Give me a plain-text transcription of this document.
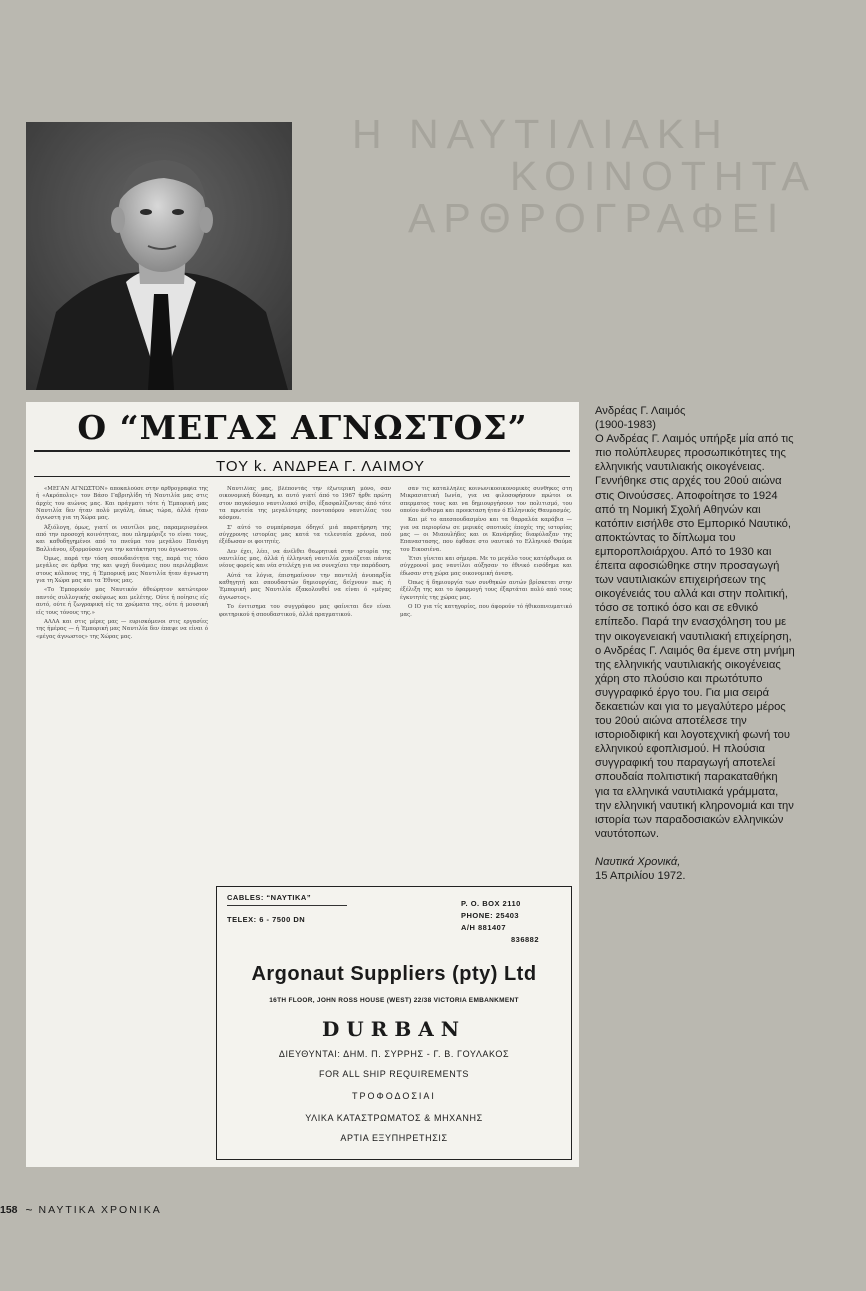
Η ΝΑΥΤΙΛΙΑΚΗ
ΚΟΙΝΟΤΗΤΑ
ΑΡΘΡΟΓΡΑΦΕΙ
Ο “ΜΕΓΑΣ ΑΓΝΩΣΤΟΣ”
ΤΟΥ k. ΑΝΔΡΕΑ Γ. ΛΑΙΜΟΥ

«ΜΕΓΑΝ ΑΓΝΩΣΤΟΝ» αποκαλούσε στην αρθρογραφία της ή «Ακρόπολις» τον Βάσο Γαβριηλίδη τή Ναυτιλία μας στις άρχές του αιώνος μας. Και πράγματι τότε ή Έμπορική μας Ναυτιλία δεν ήταν πολύ μεγάλη, όπως τώρα, άλλά ήταν άγνωστη για τη Χώρα μας.

Άξιόλογη, όμως, γιατί οι ναυτίλοι μας, παραμερισμένοι από την προσοχή κοινότητας, που πλημμύριζε το είναι τους, και καθοδηγημένοι από το πνεύμα του μεγάλου Πανάγη Βαλλιάνου, έξορμούσαν για την κατάκτηση του άγνωστου.

Όμως, παρά την τόση σπουδαιότητα της, παρά τις τόσο μεγάλες σε άρθρα της και ψυχή δυνάμεις που περιλάμβανε στους κόλπους της, ή Έμπορική μας Ναυτιλία ήταν άγνωστη για τη Χώρα μας και τα Έθνος μας.

«Το Έμπορικόν μας Ναυτικόν άθεώρητον κατώτερον παντός συλλογικής σκέψεως και μελέτης. Ούτε ή ποίησις είς αυτό, ούτε ή ζωγραφική είς τα χρώματα της, ούτε ή μουσική είς τους τόνους της.»

ΑΛΛΑ και στις μέρες μας — ευρισκόμενοι στις εργασίες της ήμέρας — ή Έμπορική μας Ναυτιλία δεν έπαψε να είναι ό «μέγας άγνωστος» της Χώρας μας.

Ναυτιλίας μας, βλέποντάς την έξωτερική μόνο, σαν οικονομική δύναμη, κι αυτό γιατί άπό το 1967 ήρθε πρώτη στον παγκόσμιο ναυτιλιακό στίβο, έξασφαλίζοντας άπό τότε τα πρωτεία της μεγαλύτερης ποντοπόρου ναυτιλίας του κόσμου.

Σ' αύτό το συμπέρασμα όδηγεί μιά παρατήρηση της σύγχρονης ιστορίας μας κατά τα τελευταία χρόνια, πού έξέδωσαν οι φοιτητές.

Δεν έχει, λέει, να άνέλθει θεωρητικά στην ιστορία της ναυτιλίας μας, άλλά ή έλληνική ναυτιλία χρειάζεται πάντα νέους φορείς και νέα στελέχη για να συνεχίσει την παράδοση.

Αύτά τα λόγια, έπισημαίνουν την παντελή άνυπαρξία καθηγητή και σπουδαστών δημιουργίας, δείχνουν πως ή Έμπορική μας Ναυτιλία έξακολουθεί να είναι ό «μέγας άγνωστος».

Το ένιτισημα του συγγράφου μας φαίνεται δεν είναι φοιτηρικού ή σπουδαστικού, άλλά πραγματικού.

σαν τις καταλληλες κοινωνικοοικονομικές συνθήκες στη Μικρασιατική Ιωνία, για να φιλοσοφήσουν πρώτοι οι σπερματος τους και να δημιουργήσουν τον πολιτισμό, του οποίου άνθισμα και προεκταση ήταν ό Ελληνικός Θαυμασμός.

Και μέ το απεσπουδασμένο και τα θαρραλέα καράβια — για να περιορίσω σε μερικές σποτικές έποχές της ιστορίας μας — οι Μιαουλήδες και οι Κανάρηδες διαφύλαξαν της Επαναστασης, που έφθασε στο ναυτικό το Ελληνικό Θαύμα του Εικοσιένα.

Έτσι γίνεται και σήμερα. Με το μεγάλο τους κατόρθωμα οι σύγχρονοί μας ναυτίλοι αύξησαν το έθνικό εισόδημα και έδωσαν στη χώρα μας οικονομική άνεση.

Όπως ή δημιουργία των συνθηκών αυτών βρίσκεται στην έξέλιξη της και το έφαρμογή τους έξαρτάται πολύ από τους έγκυτητές της χώρας μας.

Ο ΙΟ για τίς κατηγορίες, που άφορούν τό ήθικοπνευματικό μας.

CABLES: “ΝΑΥΤΙΚΑ”
TELEX: 6 - 7500 DN
P. O. BOX 2110
PHONE: 25403
A/H 881407
836882
Argonaut Suppliers (pty) Ltd
16TH FLOOR, JOHN ROSS HOUSE (WEST) 22/38 VICTORIA EMBANKMENT
DURBAN
ΔΙΕΥΘΥΝΤΑΙ: ΔΗΜ. Π. ΣΥΡΡΗΣ - Γ. Β. ΓΟΥΛΑΚΟΣ
FOR ALL SHIP REQUIREMENTS
ΤΡΟΦΟΔΟΣΙΑΙ
ΥΛΙΚΑ ΚΑΤΑΣΤΡΩΜΑΤΟΣ & ΜΗΧΑΝΗΣ
ΑΡΤΙΑ ΕΞΥΠΗΡΕΤΗΣΙΣ

Ανδρέας Γ. Λαιμός

(1900-1983)

Ο Ανδρέας Γ. Λαιμός υπήρξε μία από τις πιο πολύπλευρες προσωπικότητες της ελληνικής ναυτιλιακής οικογένειας. Γεννήθηκε στις αρχές του 20ού αιώνα στις Οινούσσες. Αποφοίτησε το 1924 από τη Νομική Σχολή Αθηνών και κατόπιν εισήλθε στο Εμπορικό Ναυτικό, αποκτώντας το δίπλωμα του εμποροπλοιάρχου. Από το 1930 και έπειτα αφοσιώθηκε στην προσαγωγή των ναυτιλιακών επιχειρήσεων της οικογένειάς του αλλά και στην πολιτική, τόσο σε τοπικό όσο και σε εθνικό επίπεδο. Παρά την ενασχόληση του με την οικογενειακή ναυτιλιακή επιχείρηση, ο Ανδρέας Γ. Λαιμός θα έμενε στη μνήμη της ελληνικής ναυτιλιακής οικογένειας χάρη στο πλούσιο και πρωτότυπο συγγραφικό έργο του. Για μια σειρά δεκαετιών και για το μεγαλύτερο μέρος του 20ού αιώνα αποτέλεσε την ιστοριοδιφική και λογοτεχνική φωνή του ελληνικού εφοπλισμού. Η πλούσια συγγραφική του παραγωγή αποτελεί σπουδαία πολιτιστική παρακαταθήκη για τα ελληνικά ναυτιλιακά γράμματα, την ελληνική ναυτική κληρονομιά και την ιστορία των παραδοσιακών ελληνικών ναυτότοπων.

Ναυτικά Χρονικά,

15 Απριλίου 1972.

158 ~ ΝΑΥΤΙΚΑ ΧΡΟΝΙΚΑ
